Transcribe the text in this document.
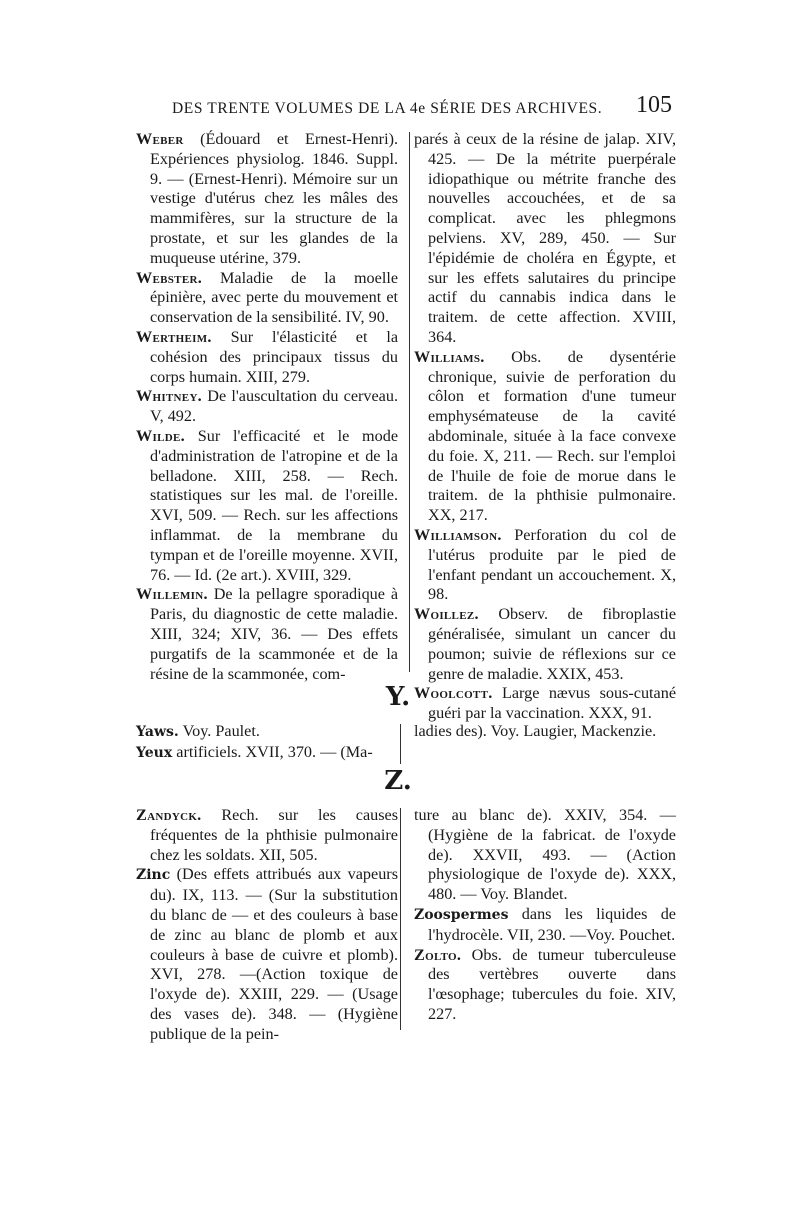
DES TRENTE VOLUMES DE LA 4e SÉRIE DES ARCHIVES. 105

Weber (Édouard et Ernest-Henri). Expériences physiolog. 1846. Suppl. 9. — (Ernest-Henri). Mémoire sur un vestige d'utérus chez les mâles des mammifères, sur la structure de la prostate, et sur les glandes de la muqueuse utérine, 379.

Webster. Maladie de la moelle épinière, avec perte du mouvement et conservation de la sensibilité. IV, 90.

Wertheim. Sur l'élasticité et la cohésion des principaux tissus du corps humain. XIII, 279.

Whitney. De l'auscultation du cerveau. V, 492.

Wilde. Sur l'efficacité et le mode d'administration de l'atropine et de la belladone. XIII, 258. — Rech. statistiques sur les mal. de l'oreille. XVI, 509. — Rech. sur les affections inflammat. de la membrane du tympan et de l'oreille moyenne. XVII, 76. — Id. (2e art.). XVIII, 329.

Willemin. De la pellagre sporadique à Paris, du diagnostic de cette maladie. XIII, 324; XIV, 36. — Des effets purgatifs de la scammonée et de la résine de la scammonée, com-

parés à ceux de la résine de jalap. XIV, 425. — De la métrite puerpérale idiopathique ou métrite franche des nouvelles accouchées, et de sa complicat. avec les phlegmons pelviens. XV, 289, 450. — Sur l'épidémie de choléra en Égypte, et sur les effets salutaires du principe actif du cannabis indica dans le traitem. de cette affection. XVIII, 364.

Williams. Obs. de dysentérie chronique, suivie de perforation du côlon et formation d'une tumeur emphysémateuse de la cavité abdominale, située à la face convexe du foie. X, 211. — Rech. sur l'emploi de l'huile de foie de morue dans le traitem. de la phthisie pulmonaire. XX, 217.

Williamson. Perforation du col de l'utérus produite par le pied de l'enfant pendant un accouchement. X, 98.

Woillez. Observ. de fibroplastie généralisée, simulant un cancer du poumon; suivie de réflexions sur ce genre de maladie. XXIX, 453.

Woolcott. Large nævus sous-cutané guéri par la vaccination. XXX, 91.

Y.

Yaws. Voy. Paulet.

Yeux artificiels. XVII, 370. — (Ma-

ladies des). Voy. Laugier, Mackenzie.

Z.

Zandyck. Rech. sur les causes fréquentes de la phthisie pulmonaire chez les soldats. XII, 505.

Zinc (Des effets attribués aux vapeurs du). IX, 113. — (Sur la substitution du blanc de — et des couleurs à base de zinc au blanc de plomb et aux couleurs à base de cuivre et plomb). XVI, 278. —(Action toxique de l'oxyde de). XXIII, 229. — (Usage des vases de). 348. — (Hygiène publique de la pein-

ture au blanc de). XXIV, 354. — (Hygiène de la fabricat. de l'oxyde de). XXVII, 493. — (Action physiologique de l'oxyde de). XXX, 480. — Voy. Blandet.

Zoospermes dans les liquides de l'hydrocèle. VII, 230. —Voy. Pouchet.

Zolto. Obs. de tumeur tuberculeuse des vertèbres ouverte dans l'œsophage; tubercules du foie. XIV, 227.
